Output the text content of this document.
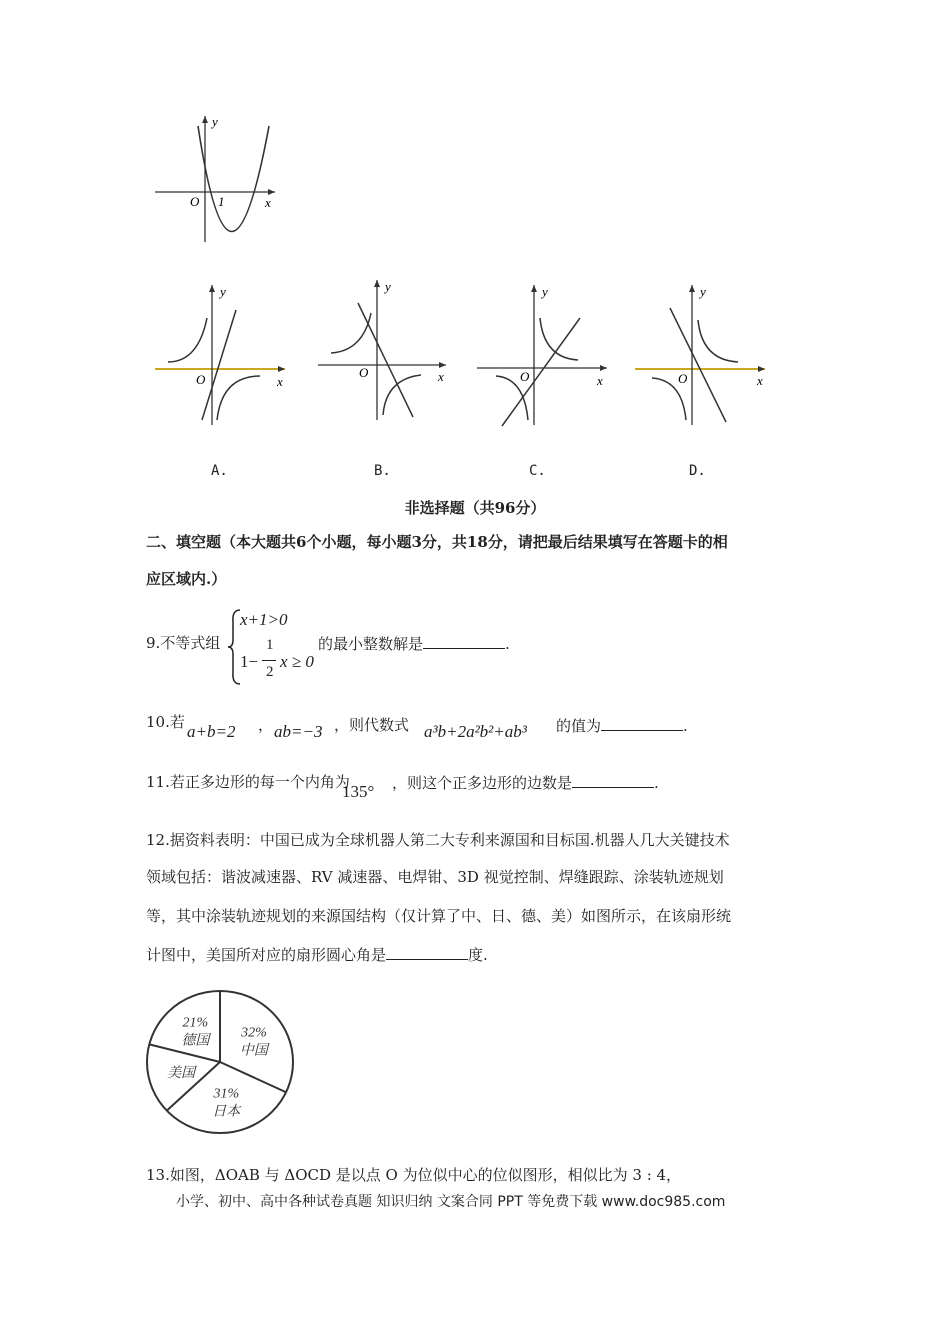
y
x
O 1
y
x
O
y
x
O
y
x
O
y
x
O
A.	B.	C.	D.
非选择题（共96分）
二、填空题（本大题共6个小题，每小题3分，共18分，请把最后结果填写在答题卡的相
应区域内.）
9.不等式组
x+1>0
1−
1
2
x ≥ 0
的最小整数解是	.
10.若 a+b=2 ， ab=−3 ，则代数式 a³b+2a²b²+ab³ 的值为	.
11.若正多边形的每一个内角为
135° ，则这个正多边形的边数是	.
12.据资料表明：中国已成为全球机器人第二大专利来源国和目标国.机器人几大关键技术
领域包括：谐波减速器、RV 减速器、电焊钳、3D 视觉控制、焊缝跟踪、涂装轨迹规划
等，其中涂装轨迹规划的来源国结构（仅计算了中、日、德、美）如图所示，在该扇形统
计图中，美国所对应的扇形圆心角是	度.
32%
中国
31%
日本
美国
21%
德国
13.如图，ΔOAB 与 ΔOCD 是以点 O 为位似中心的位似图形，相似比为 3 : 4，
小学、初中、高中各种试卷真题 知识归纳 文案合同 PPT 等免费下载 www.doc985.com
